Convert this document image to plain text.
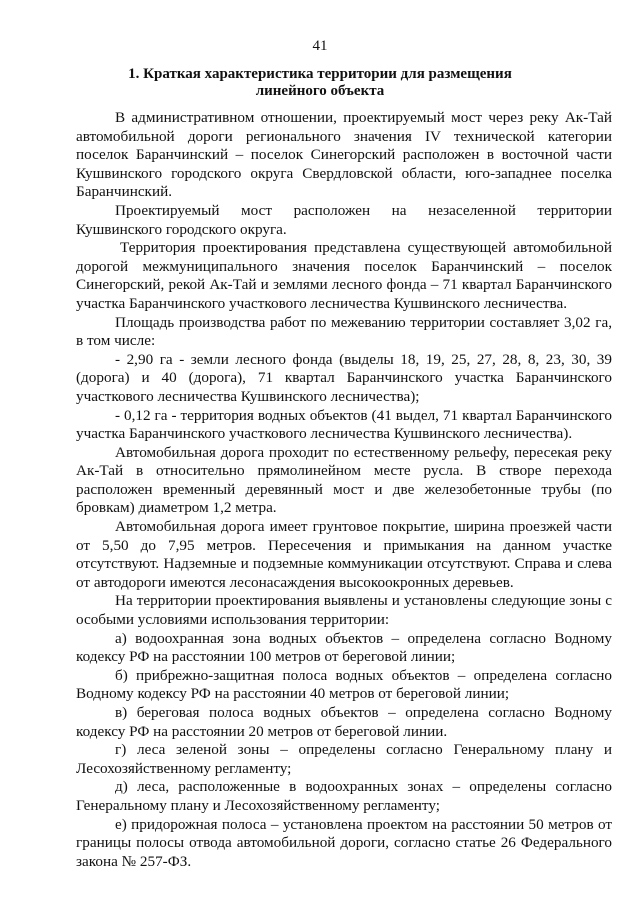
41
1. Краткая характеристика территории для размещения
линейного объекта

В административном отношении, проектируемый мост через реку Ак-Тай автомобильной дороги регионального значения IV технической категории поселок Баранчинский – поселок Синегорский расположен в восточной части Кушвинского городского округа Свердловской области, юго-западнее поселка Баранчинский.

Проектируемый мост расположен на незаселенной территории Кушвинского городского округа.

Территория проектирования представлена существующей автомобильной дорогой межмуниципального значения поселок Баранчинский – поселок Синегорский, рекой Ак-Тай и землями лесного фонда – 71 квартал Баранчинского участка Баранчинского участкового лесничества Кушвинского лесничества.

Площадь производства работ по межеванию территории составляет 3,02 га, в том числе:

- 2,90 га - земли лесного фонда (выделы 18, 19, 25, 27, 28, 8, 23, 30, 39 (дорога) и 40 (дорога), 71 квартал Баранчинского участка Баранчинского участкового лесничества Кушвинского лесничества);

- 0,12 га - территория водных объектов (41 выдел, 71 квартал Баранчинского участка Баранчинского участкового лесничества Кушвинского лесничества).

Автомобильная дорога проходит по естественному рельефу, пересекая реку Ак-Тай в относительно прямолинейном месте русла. В створе перехода расположен временный деревянный мост и две железобетонные трубы (по бровкам) диаметром 1,2 метра.

Автомобильная дорога имеет грунтовое покрытие, ширина проезжей части от 5,50 до 7,95 метров. Пересечения и примыкания на данном участке отсутствуют. Надземные и подземные коммуникации отсутствуют. Справа и слева от автодороги имеются лесонасаждения высокоокронных деревьев.

На территории проектирования выявлены и установлены следующие зоны с особыми условиями использования территории:

а) водоохранная зона водных объектов – определена согласно Водному кодексу РФ на расстоянии 100 метров от береговой линии;

б) прибрежно-защитная полоса водных объектов – определена согласно Водному кодексу РФ на расстоянии 40 метров от береговой линии;

в) береговая полоса водных объектов – определена согласно Водному кодексу РФ на расстоянии 20 метров от береговой линии.

г) леса зеленой зоны – определены согласно Генеральному плану и Лесохозяйственному регламенту;

д) леса, расположенные в водоохранных зонах – определены согласно Генеральному плану и Лесохозяйственному регламенту;

е) придорожная полоса – установлена проектом на расстоянии 50 метров от границы полосы отвода автомобильной дороги, согласно статье 26 Федерального закона № 257-ФЗ.
